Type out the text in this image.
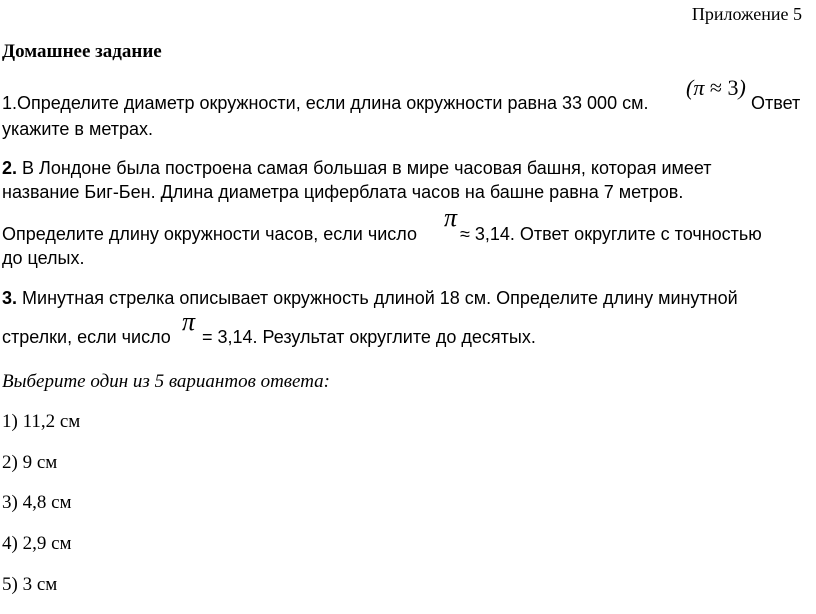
Приложение 5
Домашнее задание
1.Определите диаметр окружности, если длина окружности равна 33 000 см.
(π ≈ 3)
Ответ
укажите в метрах.
2. В Лондоне была построена самая большая в мире часовая башня, которая имеет
название Биг-Бен. Длина диаметра циферблата часов на башне равна 7 метров.
Определите длину окружности часов, если число
π
≈ 3,14. Ответ округлите с точностью
до целых.
3. Минутная стрелка описывает окружность длиной 18 см. Определите длину минутной
стрелки, если число
π
= 3,14. Результат округлите до десятых.
Выберите один из 5 вариантов ответа:
1) 11,2 см
2) 9 см
3) 4,8 см
4) 2,9 см
5) 3 см
